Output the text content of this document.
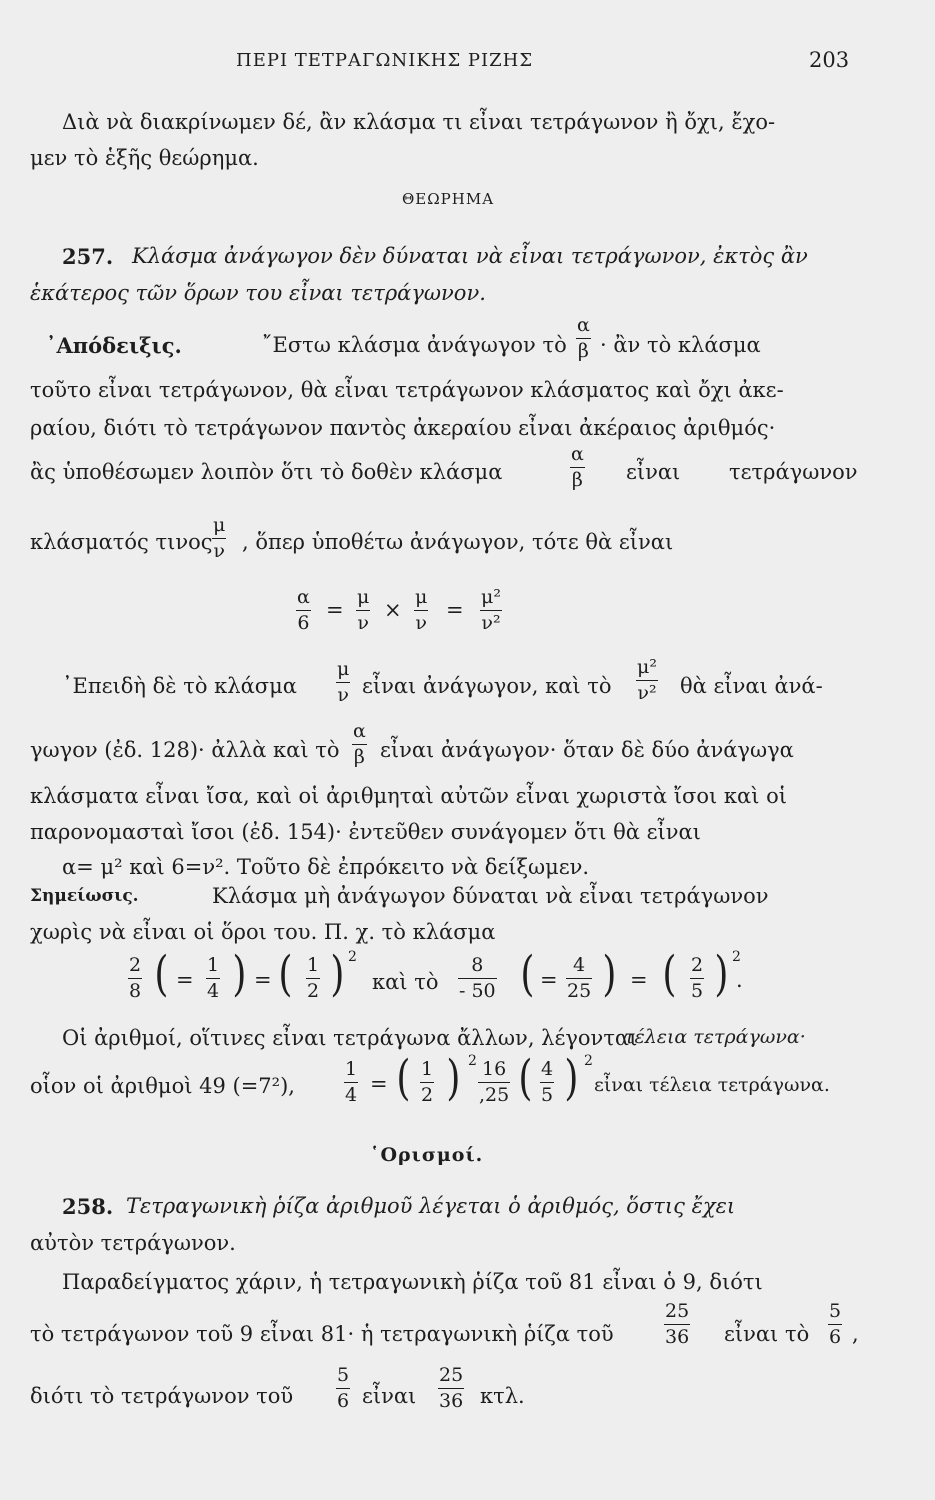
ΠΕΡΙ ΤΕΤΡΑΓΩΝΙΚΗΣ ΡΙΖΗΣ	203
Διὰ νὰ διακρίνωμεν δέ, ἂν κλάσμα τι εἶναι τετράγωνον ἢ ὄχι, ἔχο-
μεν τὸ ἑξῆς θεώρημα.
ΘΕΩΡΗΜΑ
257. Κλάσμα ἀνάγωγον δὲν δύναται νὰ εἶναι τετράγωνον, ἐκτὸς ἂν
ἑκάτερος τῶν ὅρων του εἶναι τετράγωνον.
᾿Απόδειξις.	῎Εστω κλάσμα ἀνάγωγον τὸ
α
β · ἂν τὸ κλάσμα
τοῦτο εἶναι τετράγωνον, θὰ εἶναι τετράγωνον κλάσματος καὶ ὄχι ἀκε-
ραίου, διότι τὸ τετράγωνον παντὸς ἀκεραίου εἶναι ἀκέραιος ἀριθμός·
ἂς ὑποθέσωμεν λοιπὸν ὅτι τὸ δοθὲν κλάσμα
α
β εἶναι τετράγωνον
κλάσματός τινος
μ
ν , ὅπερ ὑποθέτω ἀνάγωγον, τότε θὰ εἶναι
α
6
=
μ
ν
×
μ
ν
=
μ²
ν²
᾿Επειδὴ δὲ τὸ κλάσμα
μ
ν εἶναι ἀνάγωγον, καὶ τὸ
μ²
ν² θὰ εἶναι ἀνά-
γωγον (ἐδ. 128)· ἀλλὰ καὶ τὸ
α
β εἶναι ἀνάγωγον· ὅταν δὲ δύο ἀνάγωγα
κλάσματα εἶναι ἴσα, καὶ οἱ ἀριθμηταὶ αὐτῶν εἶναι χωριστὰ ἴσοι καὶ οἱ
παρονομασταὶ ἴσοι (ἐδ. 154)· ἐντεῦθεν συνάγομεν ὅτι θὰ εἶναι
α= μ² καὶ 6=ν². Τοῦτο δὲ ἐπρόκειτο νὰ δείξωμεν.
Σημείωσις.	Κλάσμα μὴ ἀνάγωγον δύναται νὰ εἶναι τετράγωνον
χωρὶς νὰ εἶναι οἱ ὅροι του. Π. χ. τὸ κλάσμα
2
8 ( =
1
4 ) = ( 1
2 ) 2
καὶ τὸ
8
- 50 ( =
4
25 ) = ( 2
5 ) 2
.
Οἱ ἀριθμοί, οἵτινες εἶναι τετράγωνα ἄλλων, λέγονται
τέλεια τετράγωνα·
οἷον οἱ ἀριθμοὶ 49 (=7²),
1
4 = ( 1
2 ) 2 16
,25 ( 4
5 ) 2
εἶναι τέλεια τετράγωνα.
῾Ορισμοί.
258. Τετραγωνικὴ ῥίζα ἀριθμοῦ λέγεται ὁ ἀριθμός, ὅστις ἔχει
αὐτὸν τετράγωνον.
Παραδείγματος χάριν, ἡ τετραγωνικὴ ῥίζα τοῦ 81 εἶναι ὁ 9, διότι
τὸ τετράγωνον τοῦ 9 εἶναι 81· ἡ τετραγωνικὴ ῥίζα τοῦ
25
36 εἶναι τὸ
5
6 ,
διότι τὸ τετράγωνον τοῦ
5
6 εἶναι
25
36 κτλ.
